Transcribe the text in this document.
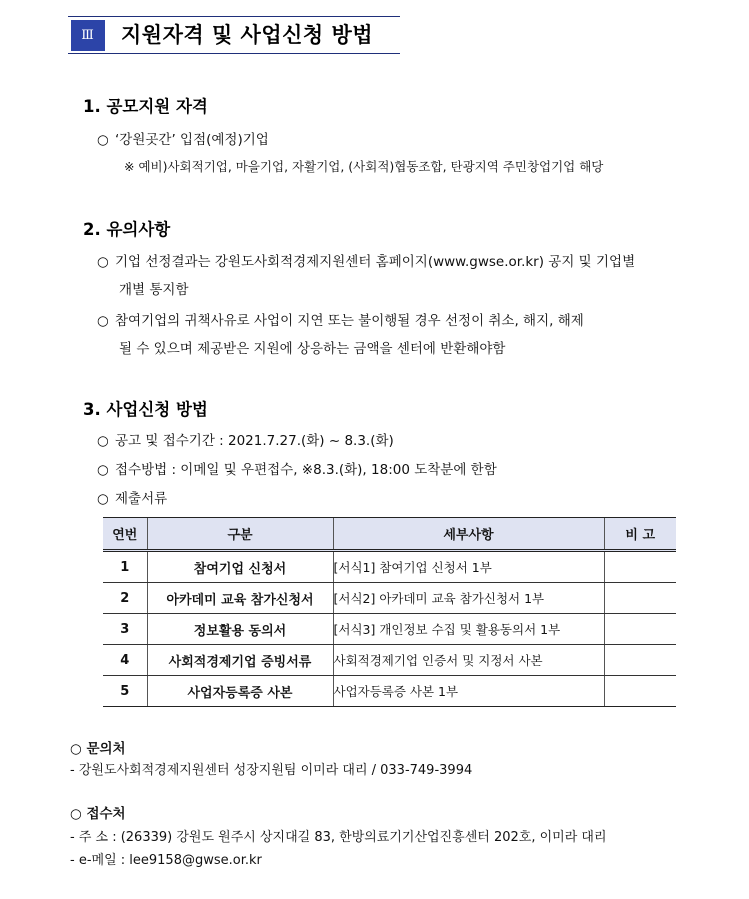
Ⅲ	지원자격 및 사업신청 방법
1. 공모지원 자격
○ ‘강원곳간’ 입점(예정)기업
※ 예비)사회적기업, 마을기업, 자활기업, (사회적)협동조합, 탄광지역 주민창업기업 해당
2. 유의사항
○ 기업 선정결과는 강원도사회적경제지원센터 홈페이지(www.gwse.or.kr) 공지 및 기업별
개별 통지함
○ 참여기업의 귀책사유로 사업이 지연 또는 불이행될 경우 선정이 취소, 해지, 해제
될 수 있으며 제공받은 지원에 상응하는 금액을 센터에 반환해야함
3. 사업신청 방법
○ 공고 및 접수기간 : 2021.7.27.(화) ~ 8.3.(화)
○ 접수방법 : 이메일 및 우편접수, ※8.3.(화), 18:00 도착분에 한함
○ 제출서류
연번	구분	세부사항	비 고
1	참여기업 신청서	[서식1] 참여기업 신청서 1부	
2	아카데미 교육 참가신청서	[서식2] 아카데미 교육 참가신청서 1부	
3	정보활용 동의서	[서식3] 개인정보 수집 및 활용동의서 1부	
4	사회적경제기업 증빙서류	사회적경제기업 인증서 및 지정서 사본	
5	사업자등록증 사본	사업자등록증 사본 1부	
○ 문의처
- 강원도사회적경제지원센터 성장지원팀 이미라 대리 / 033-749-3994
○ 접수처
- 주 소 : (26339) 강원도 원주시 상지대길 83, 한방의료기기산업진흥센터 202호, 이미라 대리
- e-메일 : lee9158@gwse.or.kr
